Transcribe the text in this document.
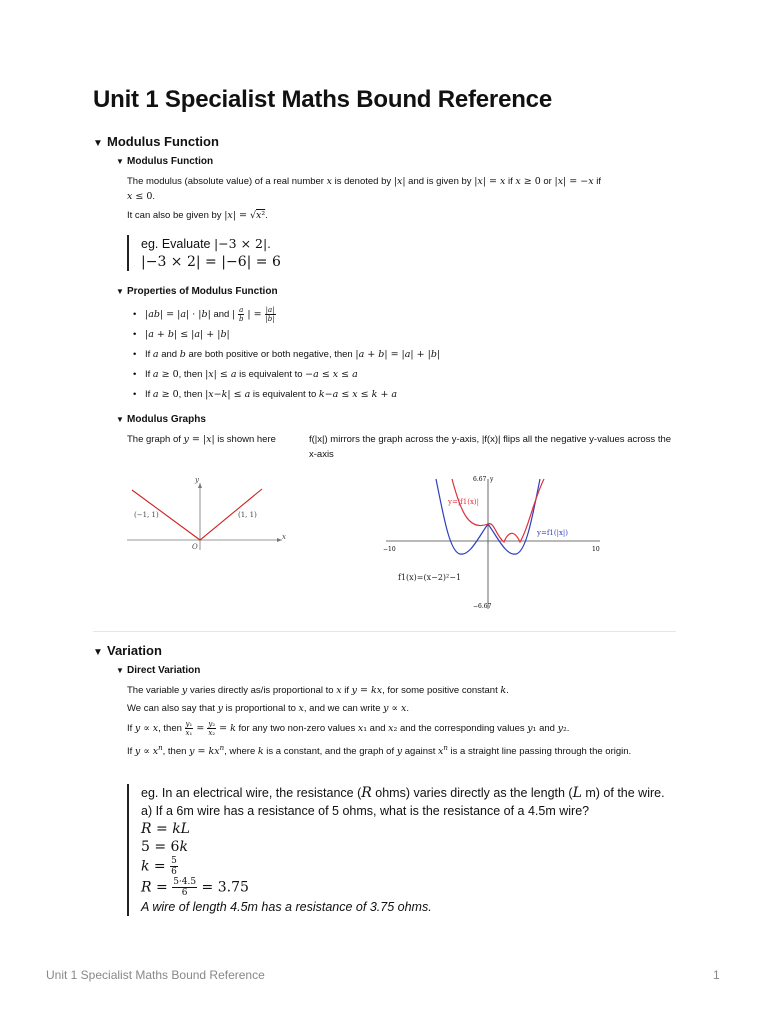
Unit 1 Specialist Maths Bound Reference
▼ Modulus Function
▼ Modulus Function
The modulus (absolute value) of a real number x is denoted by |x| and is given by |x| = x if x ≥ 0 or |x| = −x if
x ≤ 0.
It can also be given by |x| = √x².
eg. Evaluate |−3 × 2|.
|−3 × 2| = |−6| = 6
▼ Properties of Modulus Function
• |ab| = |a| · |b| and | $\frac{a}{b}$ | = $\frac{|a|}{|b|}$
• |a + b| ≤ |a| + |b|
• If a and b are both positive or both negative, then |a + b| = |a| + |b|
• If a ≥ 0, then |x| ≤ a is equivalent to −a ≤ x ≤ a
• If a ≥ 0, then |x−k| ≤ a is equivalent to k−a ≤ x ≤ k + a
▼ Modulus Graphs
The graph of y = |x| is shown here	f(|x|) mirrors the graph across the y-axis, |f(x)| flips all the negative y-values across the x-axis
y
x
O
(−1, 1)	(1, 1)
6.67 y
−6.67
−10	10
y=|f1(x)|
y=f1(|x|)
f1(x)=(x−2)²−1
▼ Variation
▼ Direct Variation
The variable y varies directly as/is proportional to x if y = kx, for some positive constant k.
We can also say that y is proportional to x, and we can write y ∝ x.
If y ∝ x, then $\frac{\text{y₁}}{\text{x₁}} = \frac{\text{y₂}}{\text{x₂}} = k$ for any two non-zero values x₁ and x₂ and the corresponding values y₁ and y₂.
If $y \propto x^n$, then $y = kx^n$, where k is a constant, and the graph of y against $x^n$ is a straight line passing through the origin.
eg. In an electrical wire, the resistance (R ohms) varies directly as the length (L m) of the wire.
a) If a 6m wire has a resistance of 5 ohms, what is the resistance of a 4.5m wire?
R = kL
5 = 6k
$k = \frac{5}{6}$
$R = \frac{5\cdot 4.5}{6} = 3.75$
A wire of length 4.5m has a resistance of 3.75 ohms.
Unit 1 Specialist Maths Bound Reference	1
